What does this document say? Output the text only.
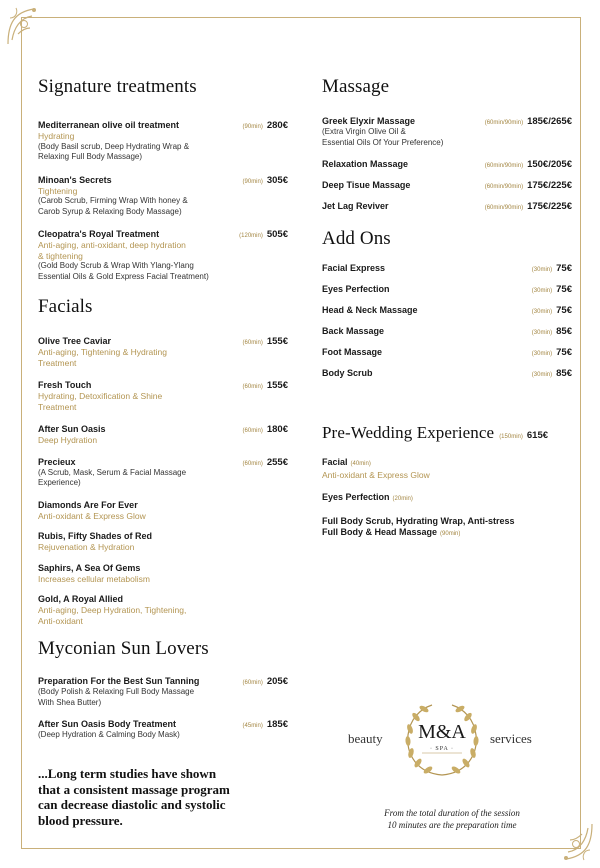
Signature treatments
Mediterranean olive oil treatment	(90min) 280€
Hydrating
(Body Basil scrub, Deep Hydrating Wrap &
Relaxing Full Body Massage)
Minoan's Secrets	(90min) 305€
Tightening
(Carob Scrub, Firming Wrap With honey &
Carob Syrup & Relaxing Body Massage)
Cleopatra's Royal Treatment	(120min) 505€
Anti-aging, anti-oxidant, deep hydration
& tightening
(Gold Body Scrub & Wrap With Ylang-Ylang
Essential Oils & Gold Express Facial Treatment)
Facials
Olive Tree Caviar	(60min) 155€
Anti-aging, Tightening & Hydrating
Treatment
Fresh Touch	(60min) 155€
Hydrating, Detoxification & Shine
Treatment
After Sun Oasis	(60min) 180€
Deep Hydration
Precieux	(60min) 255€
(A Scrub, Mask, Serum & Facial Massage
Experience)
Diamonds Are For Ever
Anti-oxidant & Express Glow
Rubis, Fifty Shades of Red
Rejuvenation & Hydration
Saphirs, A Sea Of Gems
Increases cellular metabolism
Gold, A Royal Allied
Anti-aging, Deep Hydration, Tightening,
Anti-oxidant
Myconian Sun Lovers
Preparation For the Best Sun Tanning	(60min) 205€
(Body Polish & Relaxing Full Body Massage
With Shea Butter)
After Sun Oasis Body Treatment	(45min) 185€
(Deep Hydration & Calming Body Mask)
...Long term studies have shown
that a consistent massage program
can decrease diastolic and systolic
blood pressure.
Massage
Greek Elyxir Massage	(60min/90min) 185€/265€
(Extra Virgin Olive Oil &
Essential Oils Of Your Preference)
Relaxation Massage	(60min/90min) 150€/205€
Deep Tisue Massage	(60min/90min) 175€/225€
Jet Lag Reviver	(60min/90min) 175€/225€
Add Ons
Facial Express	(30min) 75€
Eyes Perfection	(30min) 75€
Head & Neck Massage	(30min) 75€
Back Massage	(30min) 85€
Foot Massage	(30min) 75€
Body Scrub	(30min) 85€
Pre-Wedding Experience (150min) 615€
Facial (40min)
Anti-oxidant & Express Glow
Eyes Perfection (20min)
Full Body Scrub, Hydrating Wrap, Anti-stress
Full Body & Head Massage (90min)
beauty	M&A
· SPA ·
services
From the total duration of the session
10 minutes are the preparation time
